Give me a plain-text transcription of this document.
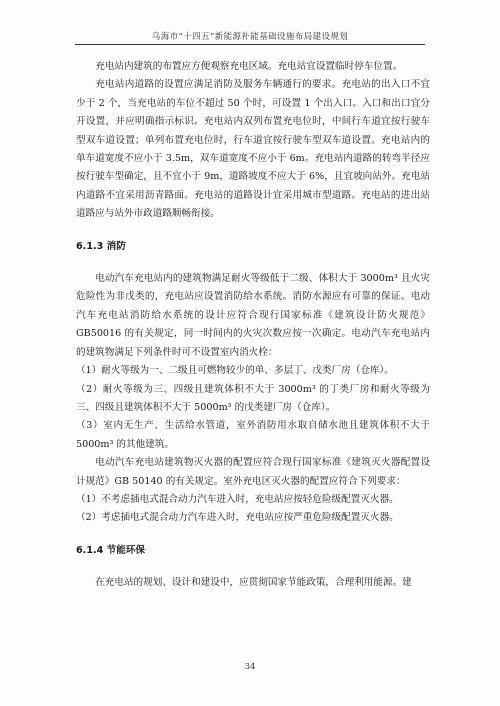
乌海市“十四五”新能源补能基础设施布局建设规划

充电站内建筑的布置应方便观察充电区域。充电站宜设置临时停车位置。

充电站内道路的设置应满足消防及服务车辆通行的要求。充电站的出入口不宜少于 2 个，当充电站的车位不超过 50 个时，可设置 1 个出入口。入口和出口宜分开设置，并应明确指示标识。充电站内双列布置充电位时，中间行车道宜按行驶车型双车道设置；单列布置充电位时，行车道宜按行驶车型双车道设置。充电站内的单车道宽度不应小于 3.5m，双车道宽度不应小于 6m。充电站内道路的转弯半径应按行驶车型确定，且不宜小于 9m，道路坡度不应大于 6%，且宜坡向站外。充电站内道路不宜采用沥青路面。充电站的道路设计宜采用城市型道路。充电站的进出站道路应与站外市政道路顺畅衔接。

6.1.3 消防

电动汽车充电站内的建筑物满足耐火等级低于二级、体积大于 3000m³ 且火灾危险性为非戊类的，充电站应设置消防给水系统。消防水源应有可靠的保证。电动汽车充电站消防给水系统的设计应符合现行国家标准《建筑设计防火规范》GB50016 的有关规定，同一时间内的火灾次数应按一次确定。电动汽车充电站内的建筑物满足下列条件时可不设置室内消火栓：

（1）耐火等级为一、二级且可燃物较少的单、多层丁、戊类厂房（仓库）。

（2）耐火等级为三、四级且建筑体积不大于 3000m³ 的丁类厂房和耐火等级为三、四级且建筑体积不大于 5000m³ 的戊类建厂房（仓库）。

（3）室内无生产、生活给水管道，室外消防用水取自储水池且建筑体积不大于 5000m³ 的其他建筑。

电动汽车充电站建筑物灭火器的配置应符合现行国家标准《建筑灭火器配置设计规范》GB 50140 的有关规定。室外充电区灭火器的配置应符合下列要求：

（1）不考虑插电式混合动力汽车进入时，充电站应按轻危险级配置灭火器。

（2）考虑插电式混合动力汽车进入时，充电站应按严重危险级配置灭火器。

6.1.4 节能环保

在充电站的规划、设计和建设中，应贯彻国家节能政策，合理利用能源。建

34
